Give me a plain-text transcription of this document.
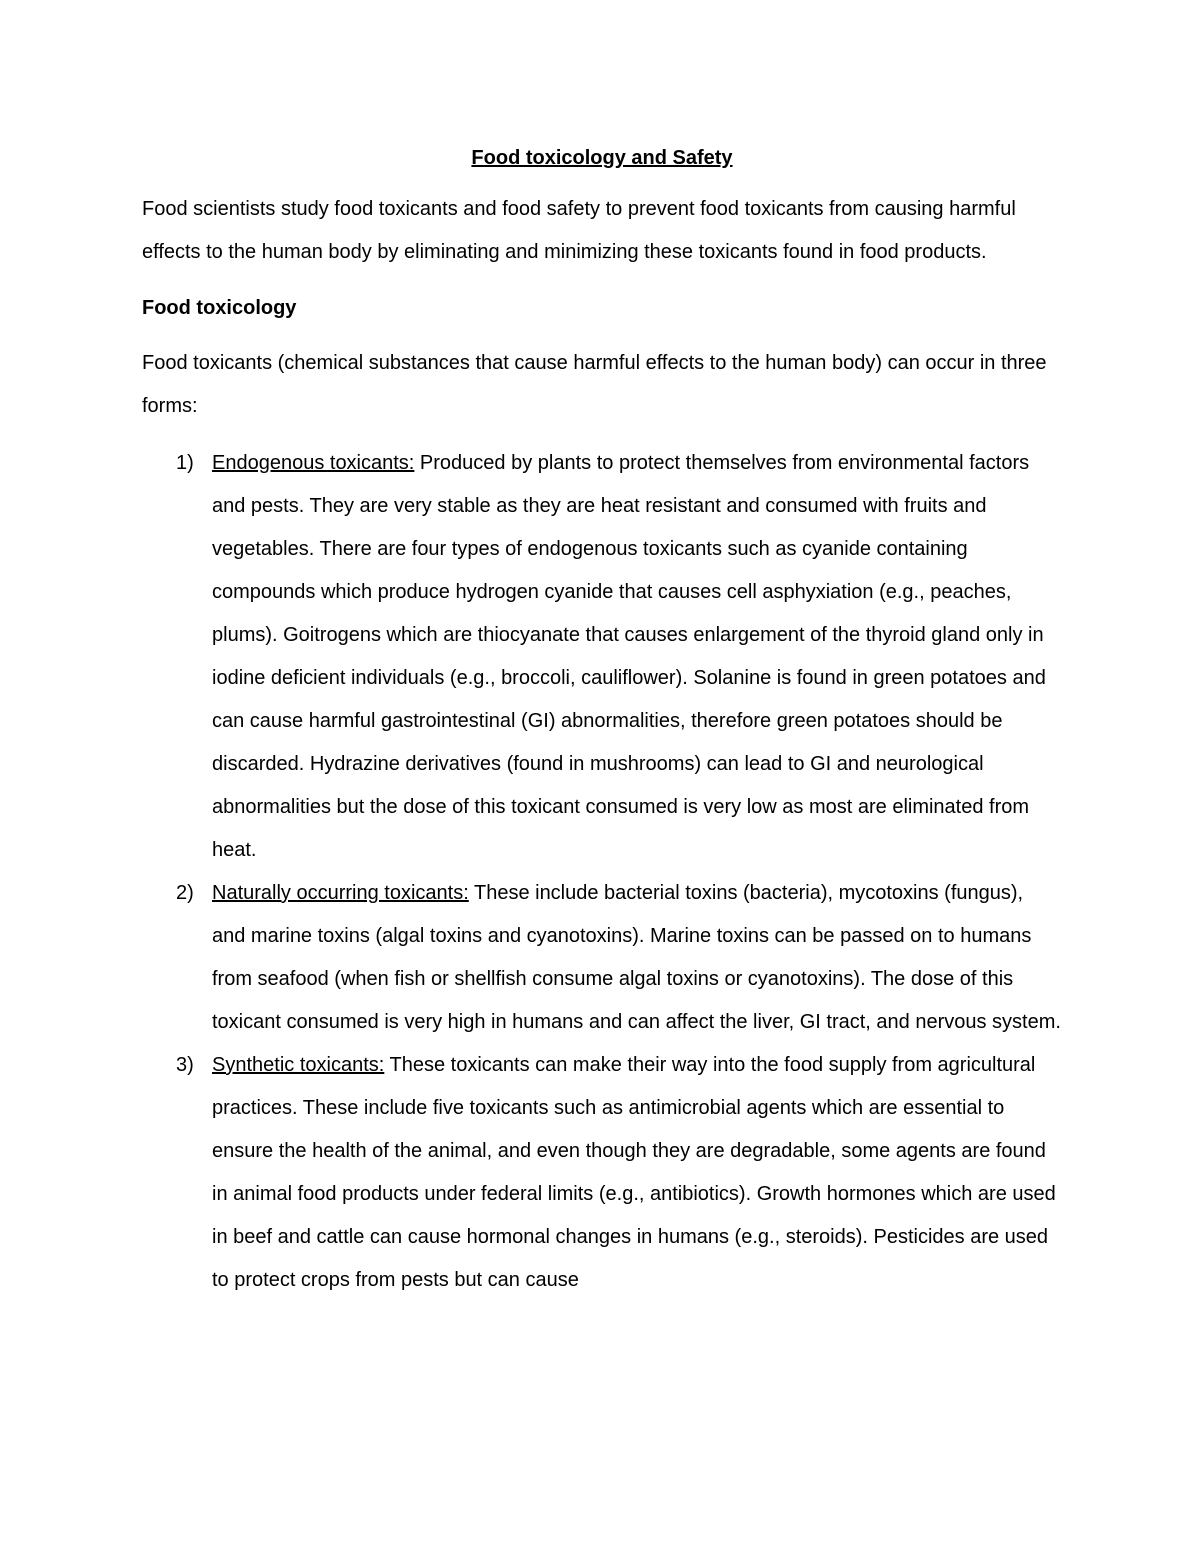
Food toxicology and Safety

Food scientists study food toxicants and food safety to prevent food toxicants from causing harmful effects to the human body by eliminating and minimizing these toxicants found in food products.

Food toxicology

Food toxicants (chemical substances that cause harmful effects to the human body) can occur in three forms:

1) Endogenous toxicants: Produced by plants to protect themselves from environmental factors and pests. They are very stable as they are heat resistant and consumed with fruits and vegetables. There are four types of endogenous toxicants such as cyanide containing compounds which produce hydrogen cyanide that causes cell asphyxiation (e.g., peaches, plums). Goitrogens which are thiocyanate that causes enlargement of the thyroid gland only in iodine deficient individuals (e.g., broccoli, cauliflower). Solanine is found in green potatoes and can cause harmful gastrointestinal (GI) abnormalities, therefore green potatoes should be discarded. Hydrazine derivatives (found in mushrooms) can lead to GI and neurological abnormalities but the dose of this toxicant consumed is very low as most are eliminated from heat.
2) Naturally occurring toxicants: These include bacterial toxins (bacteria), mycotoxins (fungus), and marine toxins (algal toxins and cyanotoxins). Marine toxins can be passed on to humans from seafood (when fish or shellfish consume algal toxins or cyanotoxins). The dose of this toxicant consumed is very high in humans and can affect the liver, GI tract, and nervous system.
3) Synthetic toxicants: These toxicants can make their way into the food supply from agricultural practices. These include five toxicants such as antimicrobial agents which are essential to ensure the health of the animal, and even though they are degradable, some agents are found in animal food products under federal limits (e.g., antibiotics). Growth hormones which are used in beef and cattle can cause hormonal changes in humans (e.g., steroids). Pesticides are used to protect crops from pests but can cause
